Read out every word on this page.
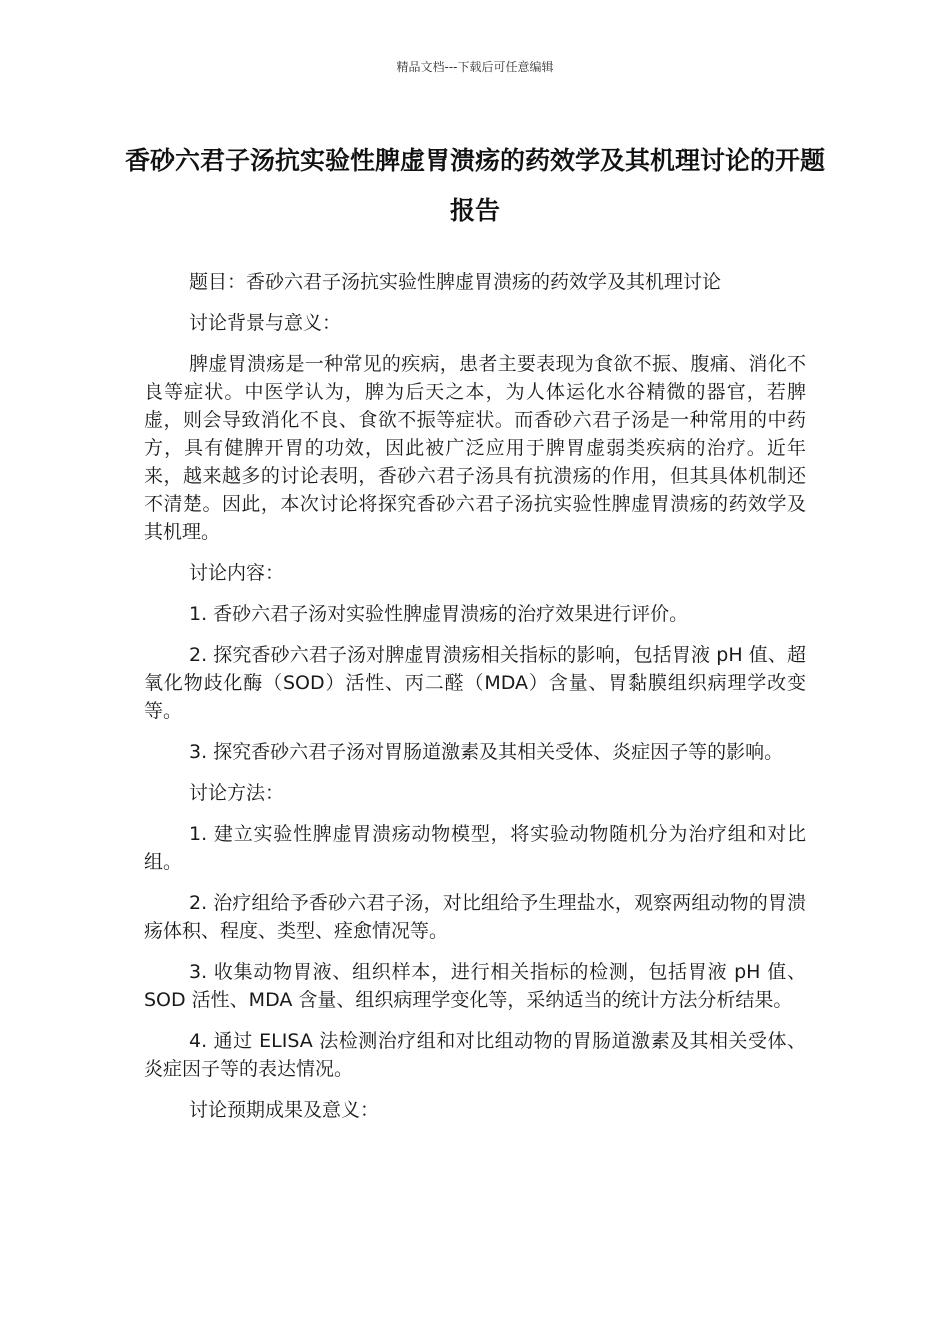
精品文档---下载后可任意编辑
香砂六君子汤抗实验性脾虚胃溃疡的药效学及其机理讨论的开题报告

题目：香砂六君子汤抗实验性脾虚胃溃疡的药效学及其机理讨论

讨论背景与意义：

脾虚胃溃疡是一种常见的疾病，患者主要表现为食欲不振、腹痛、消化不良等症状。中医学认为，脾为后天之本，为人体运化水谷精微的器官，若脾虚，则会导致消化不良、食欲不振等症状。而香砂六君子汤是一种常用的中药方，具有健脾开胃的功效，因此被广泛应用于脾胃虚弱类疾病的治疗。近年来，越来越多的讨论表明，香砂六君子汤具有抗溃疡的作用，但其具体机制还不清楚。因此，本次讨论将探究香砂六君子汤抗实验性脾虚胃溃疡的药效学及其机理。

讨论内容：

1. 香砂六君子汤对实验性脾虚胃溃疡的治疗效果进行评价。

2. 探究香砂六君子汤对脾虚胃溃疡相关指标的影响，包括胃液 pH 值、超氧化物歧化酶（SOD）活性、丙二醛（MDA）含量、胃黏膜组织病理学改变等。

3. 探究香砂六君子汤对胃肠道激素及其相关受体、炎症因子等的影响。

讨论方法：

1. 建立实验性脾虚胃溃疡动物模型，将实验动物随机分为治疗组和对比组。

2. 治疗组给予香砂六君子汤，对比组给予生理盐水，观察两组动物的胃溃疡体积、程度、类型、痊愈情况等。

3. 收集动物胃液、组织样本，进行相关指标的检测，包括胃液 pH 值、SOD 活性、MDA 含量、组织病理学变化等，采纳适当的统计方法分析结果。

4. 通过 ELISA 法检测治疗组和对比组动物的胃肠道激素及其相关受体、炎症因子等的表达情况。

讨论预期成果及意义：
